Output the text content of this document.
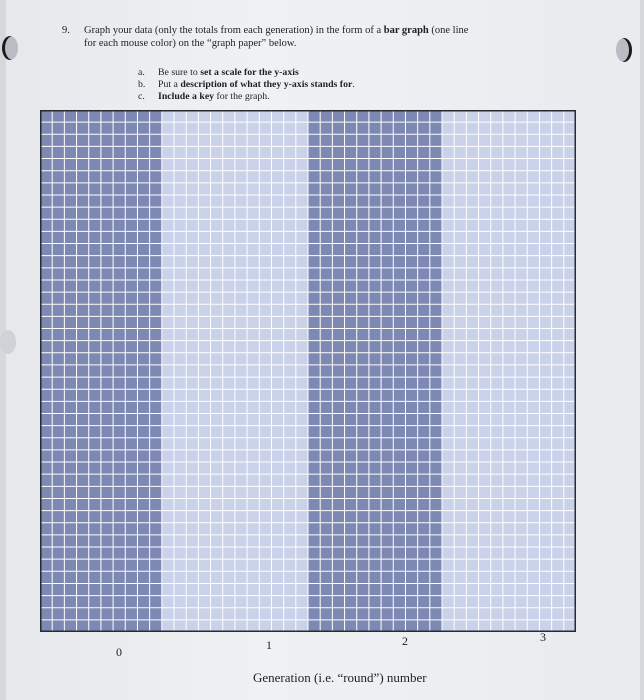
9. Graph your data (only the totals from each generation) in the form of a bar graph (one line
for each mouse color) on the “graph paper” below.
a. Be sure to set a scale for the y-axis
b. Put a description of what they y-axis stands for.
c. Include a key for the graph.
0	1	2	3
Generation (i.e. “round”) number
